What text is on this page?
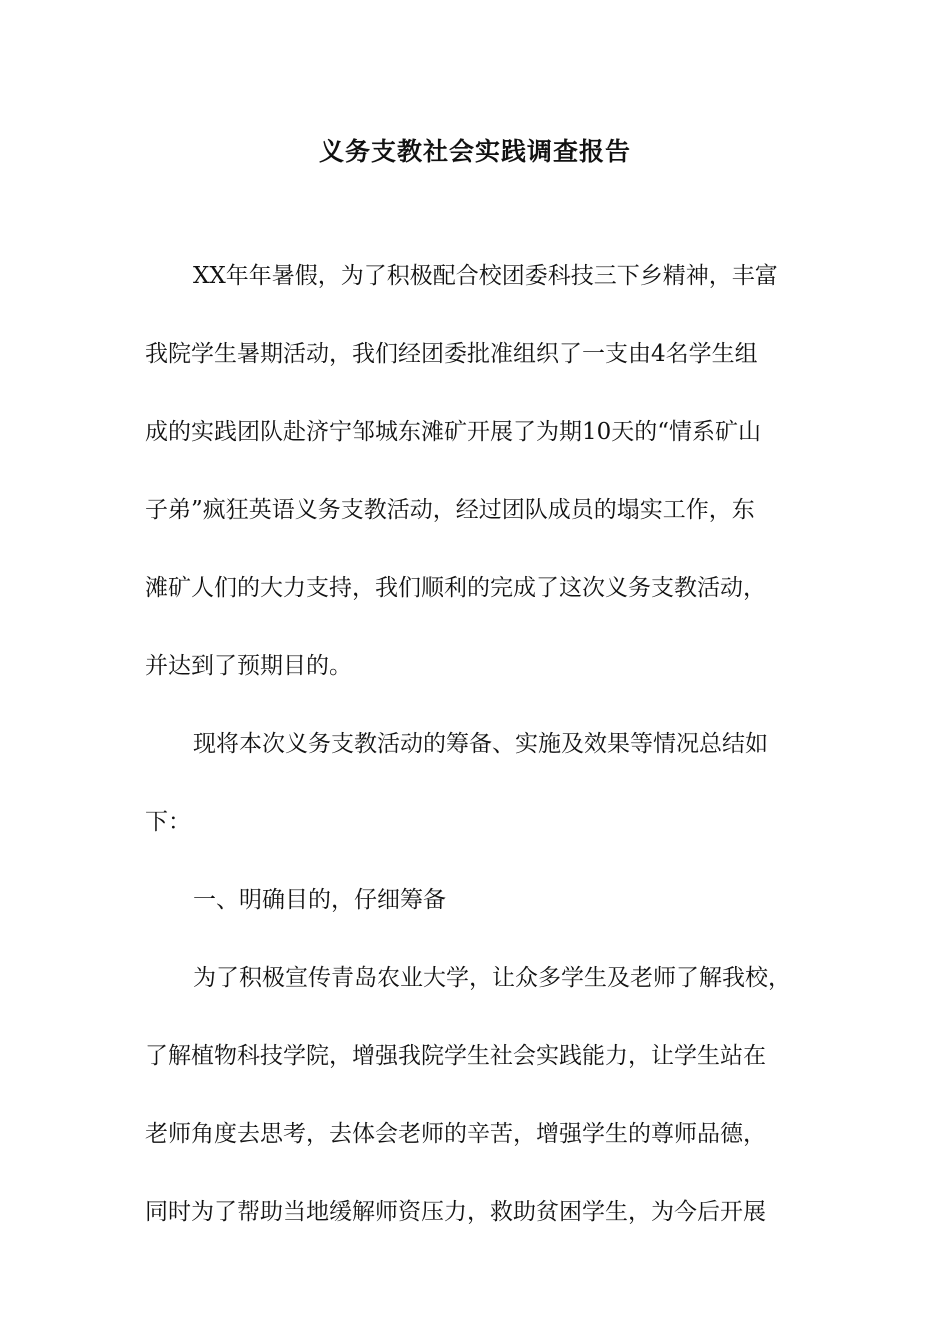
义务支教社会实践调查报告
XX年年暑假，为了积极配合校团委科技三下乡精神，丰富
我院学生暑期活动，我们经团委批准组织了一支由4名学生组
成的实践团队赴济宁邹城东滩矿开展了为期10天的“情系矿山
子弟”疯狂英语义务支教活动，经过团队成员的塌实工作，东
滩矿人们的大力支持，我们顺利的完成了这次义务支教活动，
并达到了预期目的。
现将本次义务支教活动的筹备、实施及效果等情况总结如
下：
一、明确目的，仔细筹备
为了积极宣传青岛农业大学，让众多学生及老师了解我校，
了解植物科技学院，增强我院学生社会实践能力，让学生站在
老师角度去思考，去体会老师的辛苦，增强学生的尊师品德，
同时为了帮助当地缓解师资压力，救助贫困学生，为今后开展
